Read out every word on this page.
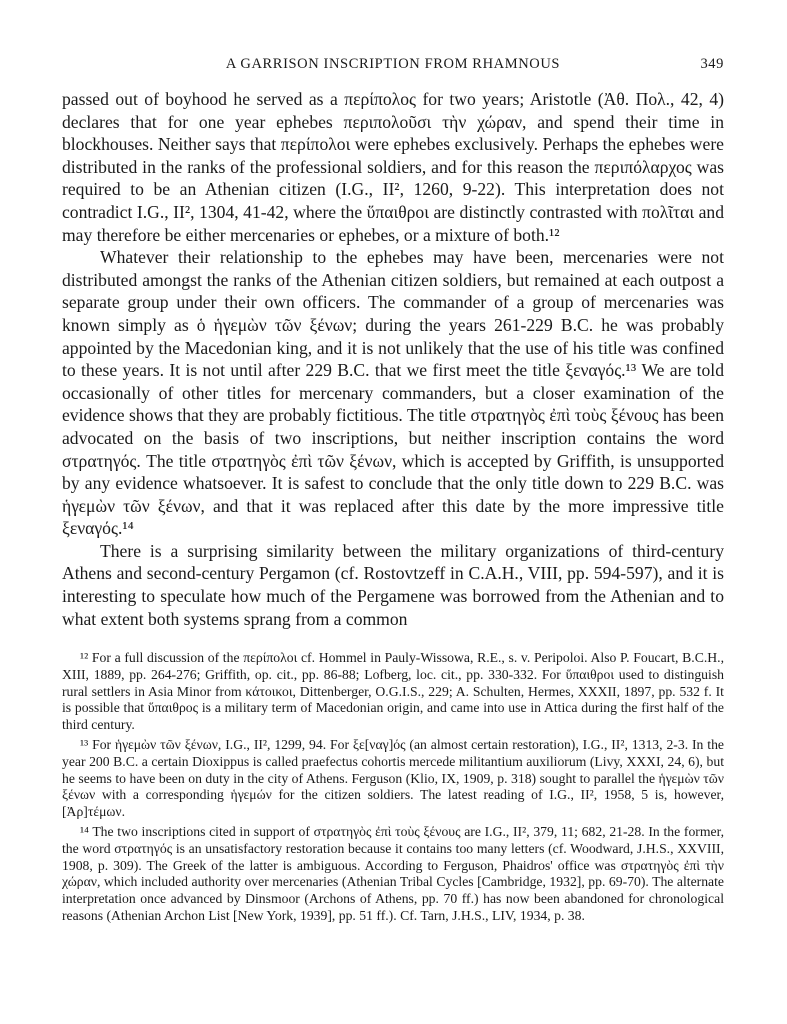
A GARRISON INSCRIPTION FROM RHAMNOUS	349

passed out of boyhood he served as a περίπολος for two years; Aristotle (Ἀθ. Πολ., 42, 4) declares that for one year ephebes περιπολοῦσι τὴν χώραν, and spend their time in blockhouses. Neither says that περίπολοι were ephebes exclusively. Perhaps the ephebes were distributed in the ranks of the professional soldiers, and for this reason the περιπόλαρχος was required to be an Athenian citizen (I.G., II², 1260, 9-22). This interpretation does not contradict I.G., II², 1304, 41-42, where the ὕπαιθροι are distinctly contrasted with πολῖται and may therefore be either mercenaries or ephebes, or a mixture of both.¹²

Whatever their relationship to the ephebes may have been, mercenaries were not distributed amongst the ranks of the Athenian citizen soldiers, but remained at each outpost a separate group under their own officers. The commander of a group of mercenaries was known simply as ὁ ἡγεμὼν τῶν ξένων; during the years 261-229 B.C. he was probably appointed by the Macedonian king, and it is not unlikely that the use of his title was confined to these years. It is not until after 229 B.C. that we first meet the title ξεναγός.¹³ We are told occasionally of other titles for mercenary commanders, but a closer examination of the evidence shows that they are probably fictitious. The title στρατηγὸς ἐπὶ τοὺς ξένους has been advocated on the basis of two inscriptions, but neither inscription contains the word στρατηγός. The title στρατηγὸς ἐπὶ τῶν ξένων, which is accepted by Griffith, is unsupported by any evidence whatsoever. It is safest to conclude that the only title down to 229 B.C. was ἡγεμὼν τῶν ξένων, and that it was replaced after this date by the more impressive title ξεναγός.¹⁴

There is a surprising similarity between the military organizations of third-century Athens and second-century Pergamon (cf. Rostovtzeff in C.A.H., VIII, pp. 594-597), and it is interesting to speculate how much of the Pergamene was borrowed from the Athenian and to what extent both systems sprang from a common

¹² For a full discussion of the περίπολοι cf. Hommel in Pauly-Wissowa, R.E., s. v. Peripoloi. Also P. Foucart, B.C.H., XIII, 1889, pp. 264-276; Griffith, op. cit., pp. 86-88; Lofberg, loc. cit., pp. 330-332. For ὕπαιθροι used to distinguish rural settlers in Asia Minor from κάτοικοι, Dittenberger, O.G.I.S., 229; A. Schulten, Hermes, XXXII, 1897, pp. 532 f. It is possible that ὕπαιθρος is a military term of Macedonian origin, and came into use in Attica during the first half of the third century.

¹³ For ἡγεμὼν τῶν ξένων, I.G., II², 1299, 94. For ξε[ναγ]ός (an almost certain restoration), I.G., II², 1313, 2-3. In the year 200 B.C. a certain Dioxippus is called praefectus cohortis mercede militantium auxiliorum (Livy, XXXI, 24, 6), but he seems to have been on duty in the city of Athens. Ferguson (Klio, IX, 1909, p. 318) sought to parallel the ἡγεμὼν τῶν ξένων with a corresponding ἡγεμών for the citizen soldiers. The latest reading of I.G., II², 1958, 5 is, however, [Ἀρ]τέμων.

¹⁴ The two inscriptions cited in support of στρατηγὸς ἐπὶ τοὺς ξένους are I.G., II², 379, 11; 682, 21-28. In the former, the word στρατηγός is an unsatisfactory restoration because it contains too many letters (cf. Woodward, J.H.S., XXVIII, 1908, p. 309). The Greek of the latter is ambiguous. According to Ferguson, Phaidros' office was στρατηγὸς ἐπὶ τὴν χώραν, which included authority over mercenaries (Athenian Tribal Cycles [Cambridge, 1932], pp. 69-70). The alternate interpretation once advanced by Dinsmoor (Archons of Athens, pp. 70 ff.) has now been abandoned for chronological reasons (Athenian Archon List [New York, 1939], pp. 51 ff.). Cf. Tarn, J.H.S., LIV, 1934, p. 38.
